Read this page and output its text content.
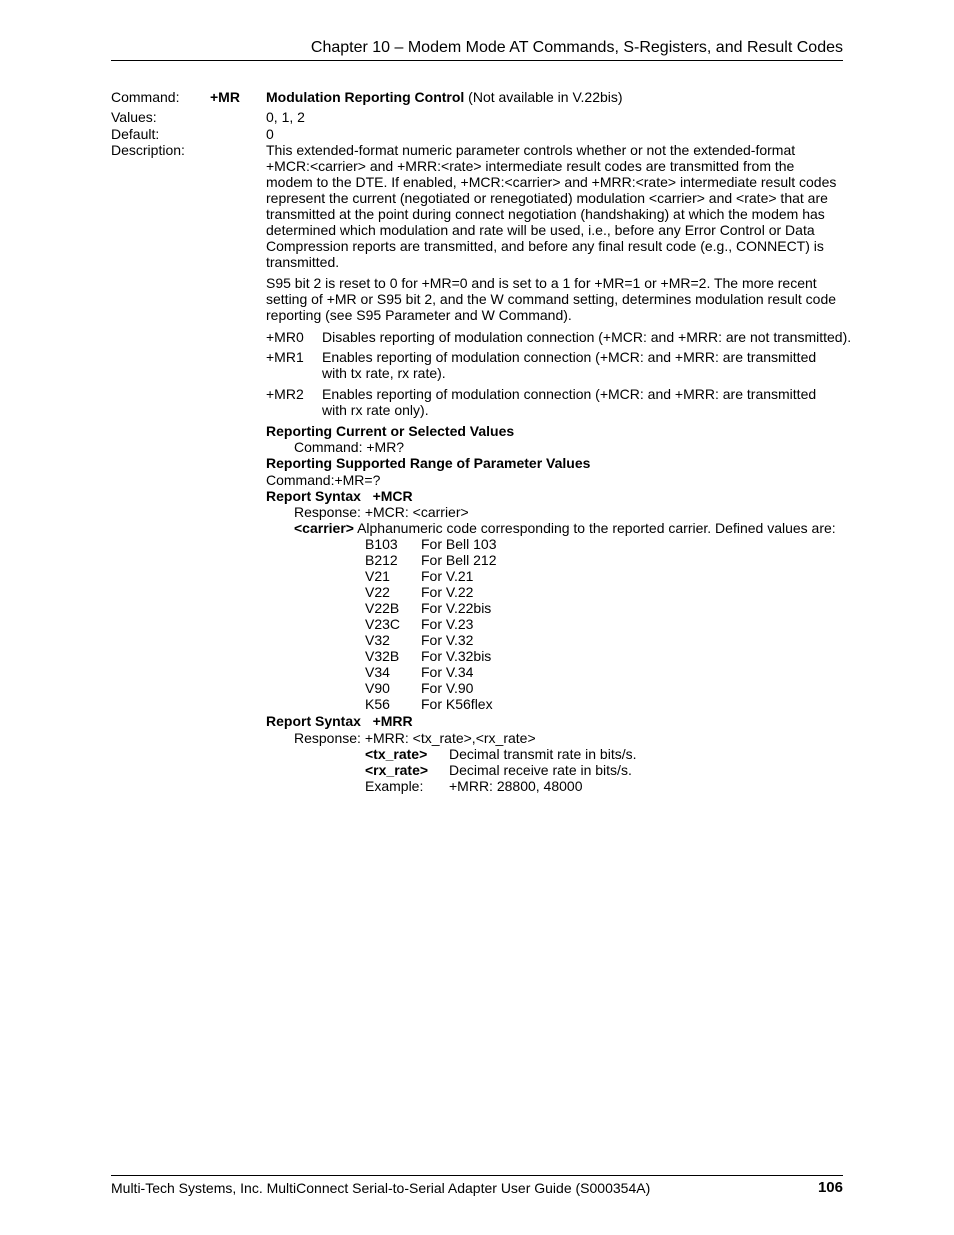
Chapter 10 – Modem Mode AT Commands, S-Registers, and Result Codes
Command: +MR Modulation Reporting Control (Not available in V.22bis)
Values:	0, 1, 2
Default:	0
Description:	This extended-format numeric parameter controls whether or not the extended-format
+MCR:<carrier> and +MRR:<rate> intermediate result codes are transmitted from the
modem to the DTE. If enabled, +MCR:<carrier> and +MRR:<rate> intermediate result codes
represent the current (negotiated or renegotiated) modulation <carrier> and <rate> that are
transmitted at the point during connect negotiation (handshaking) at which the modem has
determined which modulation and rate will be used, i.e., before any Error Control or Data
Compression reports are transmitted, and before any final result code (e.g., CONNECT) is
transmitted.
S95 bit 2 is reset to 0 for +MR=0 and is set to a 1 for +MR=1 or +MR=2. The more recent
setting of +MR or S95 bit 2, and the W command setting, determines modulation result code
reporting (see S95 Parameter and W Command).
+MR0 Disables reporting of modulation connection (+MCR: and +MRR: are not transmitted).
+MR1 Enables reporting of modulation connection (+MCR: and +MRR: are transmitted
with tx rate, rx rate).
+MR2 Enables reporting of modulation connection (+MCR: and +MRR: are transmitted
with rx rate only).
Reporting Current or Selected Values
Command: +MR?
Reporting Supported Range of Parameter Values
Command:+MR=?
Report Syntax +MCR
Response: +MCR: <carrier>
<carrier> Alphanumeric code corresponding to the reported carrier. Defined values are:
B103 For Bell 103
B212 For Bell 212
V21 For V.21
V22 For V.22
V22B For V.22bis
V23C For V.23
V32 For V.32
V32B For V.32bis
V34 For V.34
V90 For V.90
K56 For K56flex
Report Syntax +MRR
Response: +MRR: <tx_rate>,<rx_rate>
<tx_rate> Decimal transmit rate in bits/s.
<rx_rate> Decimal receive rate in bits/s.
Example: +MRR: 28800, 48000
Multi-Tech Systems, Inc. MultiConnect Serial-to-Serial Adapter User Guide (S000354A)	106
